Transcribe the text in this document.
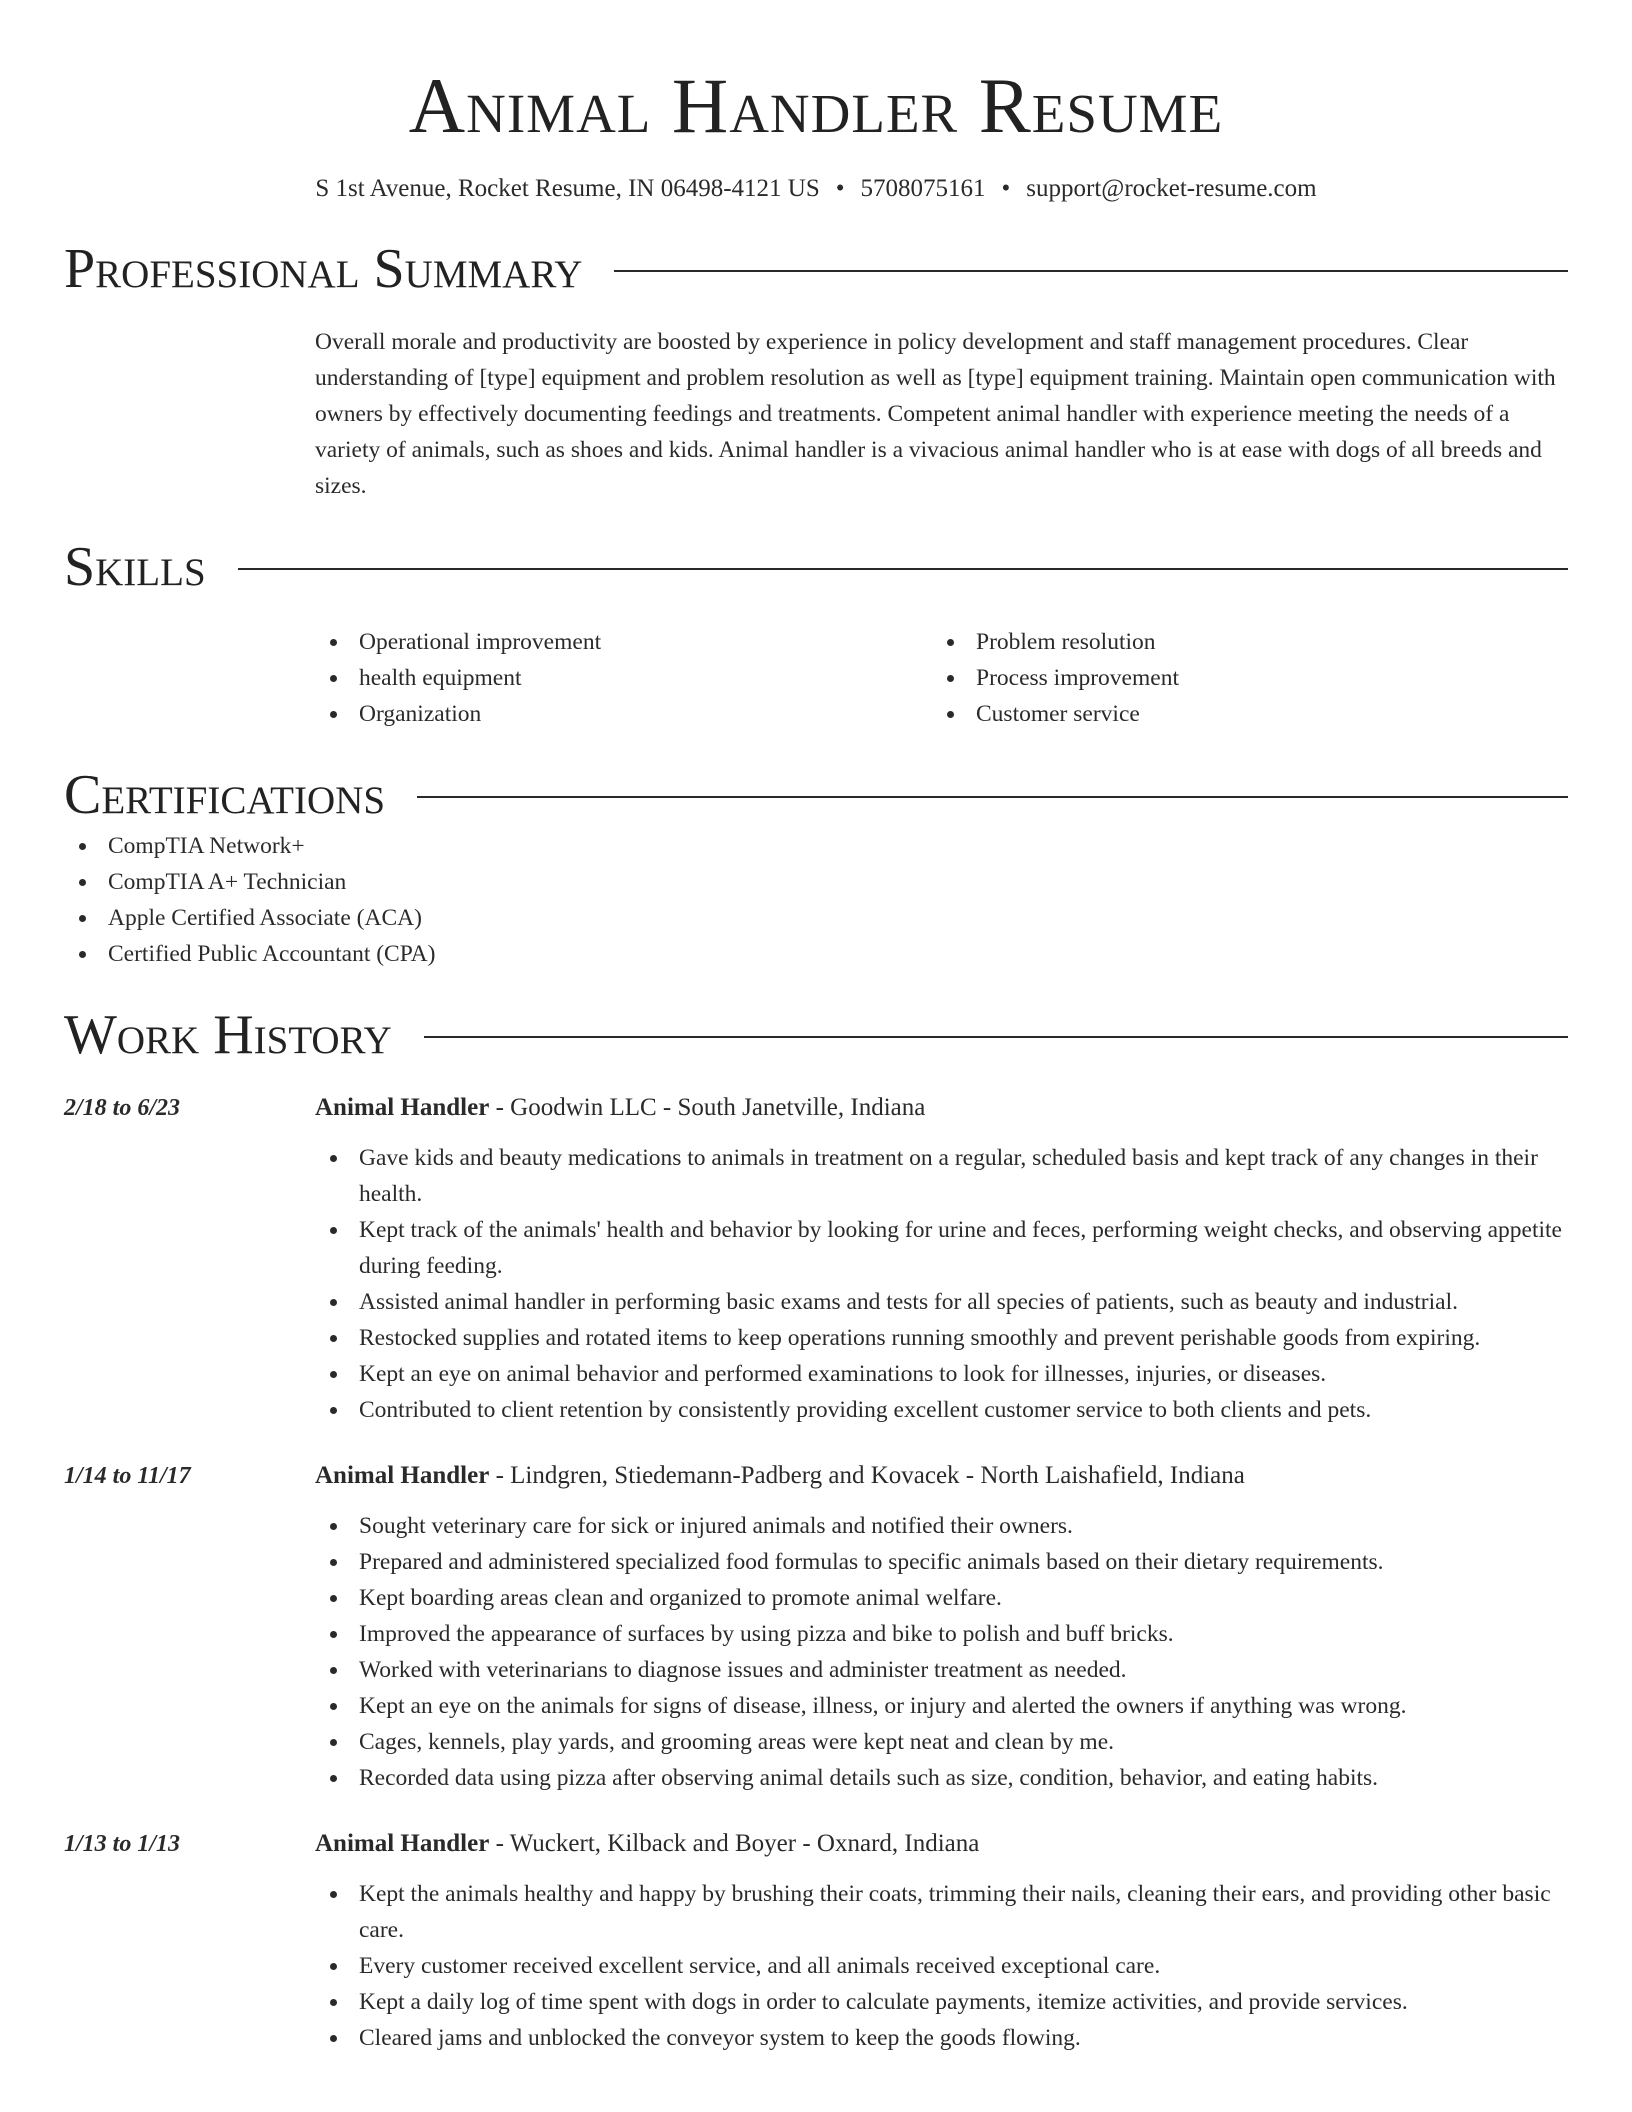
Animal Handler Resume
S 1st Avenue, Rocket Resume, IN 06498-4121 US • 5708075161 • support@rocket-resume.com
Professional Summary
Overall morale and productivity are boosted by experience in policy development and staff management procedures. Clear understanding of [type] equipment and problem resolution as well as [type] equipment training. Maintain open communication with owners by effectively documenting feedings and treatments. Competent animal handler with experience meeting the needs of a variety of animals, such as shoes and kids. Animal handler is a vivacious animal handler who is at ease with dogs of all breeds and sizes.
Skills
Operational improvement
health equipment
Organization
Problem resolution
Process improvement
Customer service
Certifications
CompTIA Network+
CompTIA A+ Technician
Apple Certified Associate (ACA)
Certified Public Accountant (CPA)
Work History
2/18 to 6/23	Animal Handler - Goodwin LLC - South Janetville, Indiana
Gave kids and beauty medications to animals in treatment on a regular, scheduled basis and kept track of any changes in their health.
Kept track of the animals' health and behavior by looking for urine and feces, performing weight checks, and observing appetite during feeding.
Assisted animal handler in performing basic exams and tests for all species of patients, such as beauty and industrial.
Restocked supplies and rotated items to keep operations running smoothly and prevent perishable goods from expiring.
Kept an eye on animal behavior and performed examinations to look for illnesses, injuries, or diseases.
Contributed to client retention by consistently providing excellent customer service to both clients and pets.
1/14 to 11/17	Animal Handler - Lindgren, Stiedemann-Padberg and Kovacek - North Laishafield, Indiana
Sought veterinary care for sick or injured animals and notified their owners.
Prepared and administered specialized food formulas to specific animals based on their dietary requirements.
Kept boarding areas clean and organized to promote animal welfare.
Improved the appearance of surfaces by using pizza and bike to polish and buff bricks.
Worked with veterinarians to diagnose issues and administer treatment as needed.
Kept an eye on the animals for signs of disease, illness, or injury and alerted the owners if anything was wrong.
Cages, kennels, play yards, and grooming areas were kept neat and clean by me.
Recorded data using pizza after observing animal details such as size, condition, behavior, and eating habits.
1/13 to 1/13	Animal Handler - Wuckert, Kilback and Boyer - Oxnard, Indiana
Kept the animals healthy and happy by brushing their coats, trimming their nails, cleaning their ears, and providing other basic care.
Every customer received excellent service, and all animals received exceptional care.
Kept a daily log of time spent with dogs in order to calculate payments, itemize activities, and provide services.
Cleared jams and unblocked the conveyor system to keep the goods flowing.
